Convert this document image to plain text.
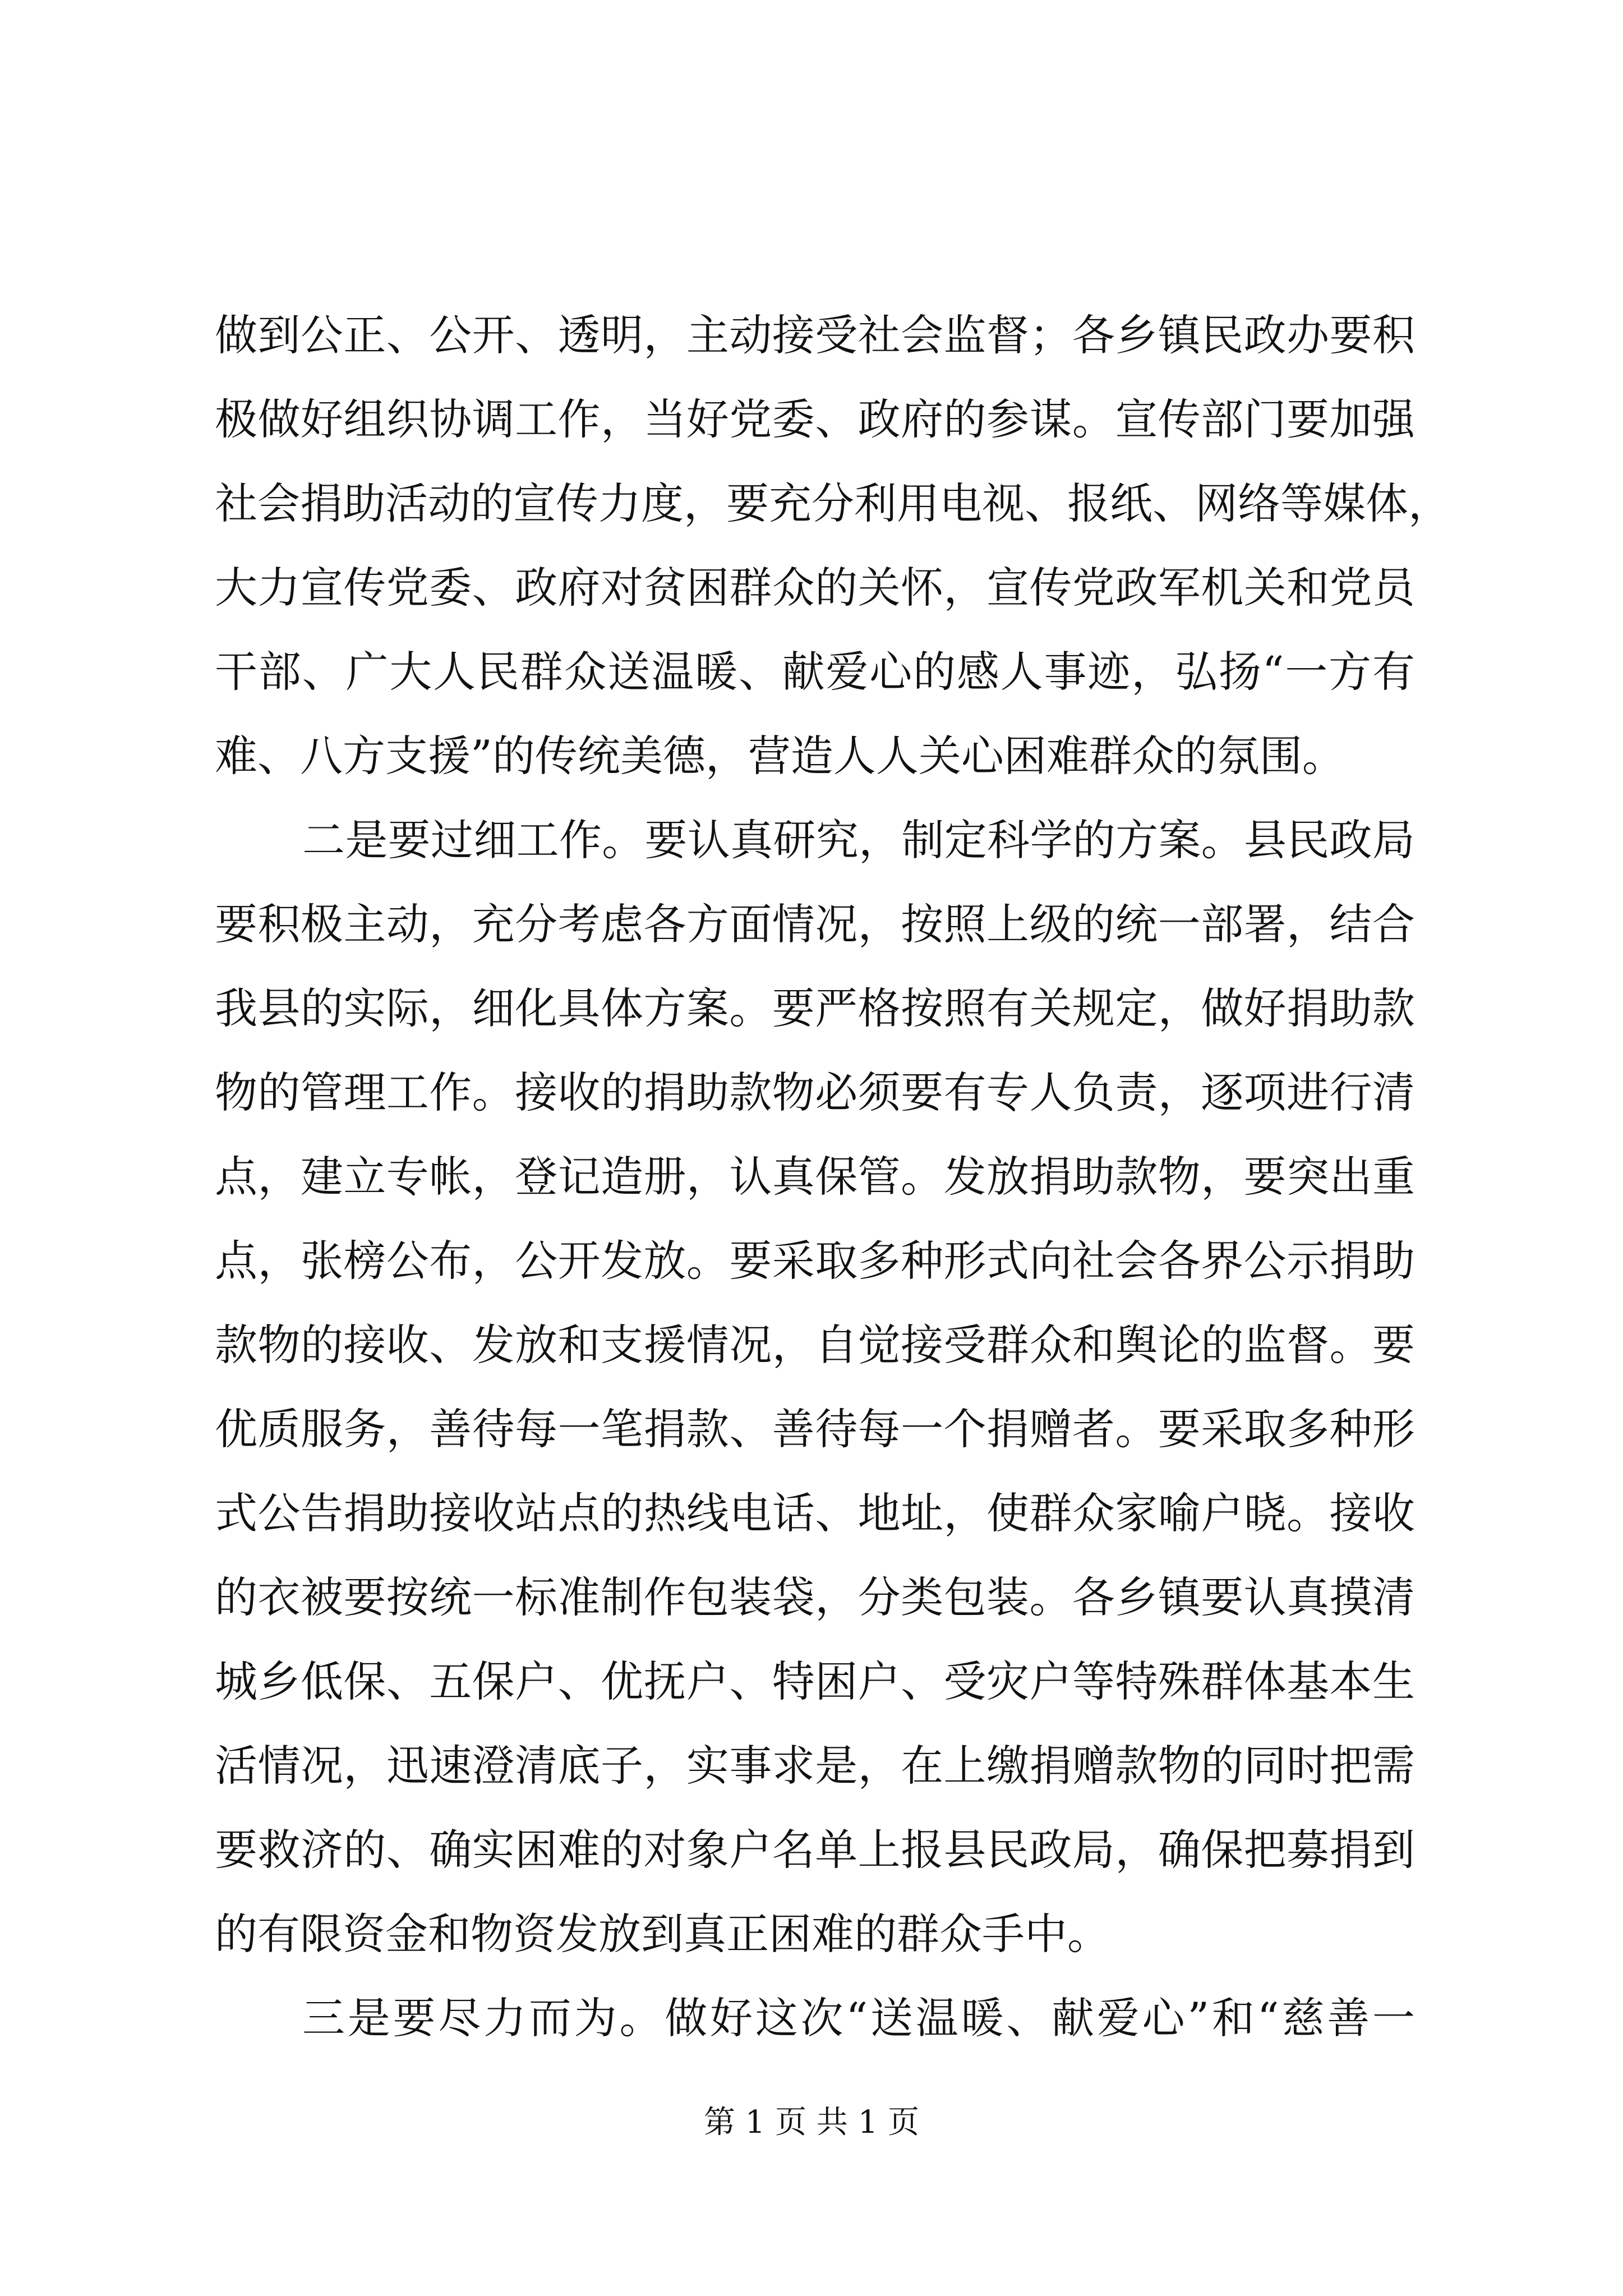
做到公正、公开、透明，主动接受社会监督；各乡镇民政办要积

极做好组织协调工作，当好党委、政府的参谋。宣传部门要加强

社会捐助活动的宣传力度，要充分利用电视、报纸、网络等媒体，

大力宣传党委、政府对贫困群众的关怀，宣传党政军机关和党员

干部、广大人民群众送温暖、献爱心的感人事迹，弘扬“一方有

难、八方支援”的传统美德，营造人人关心困难群众的氛围。

二是要过细工作。要认真研究，制定科学的方案。县民政局

要积极主动，充分考虑各方面情况，按照上级的统一部署，结合

我县的实际，细化具体方案。要严格按照有关规定，做好捐助款

物的管理工作。接收的捐助款物必须要有专人负责，逐项进行清

点，建立专帐，登记造册，认真保管。发放捐助款物，要突出重

点，张榜公布，公开发放。要采取多种形式向社会各界公示捐助

款物的接收、发放和支援情况，自觉接受群众和舆论的监督。要

优质服务，善待每一笔捐款、善待每一个捐赠者。要采取多种形

式公告捐助接收站点的热线电话、地址，使群众家喻户晓。接收

的衣被要按统一标准制作包装袋，分类包装。各乡镇要认真摸清

城乡低保、五保户、优抚户、特困户、受灾户等特殊群体基本生

活情况，迅速澄清底子，实事求是，在上缴捐赠款物的同时把需

要救济的、确实困难的对象户名单上报县民政局，确保把募捐到

的有限资金和物资发放到真正困难的群众手中。

三是要尽力而为。做好这次“送温暖、献爱心”和“慈善一

第 1 页 共 1 页
